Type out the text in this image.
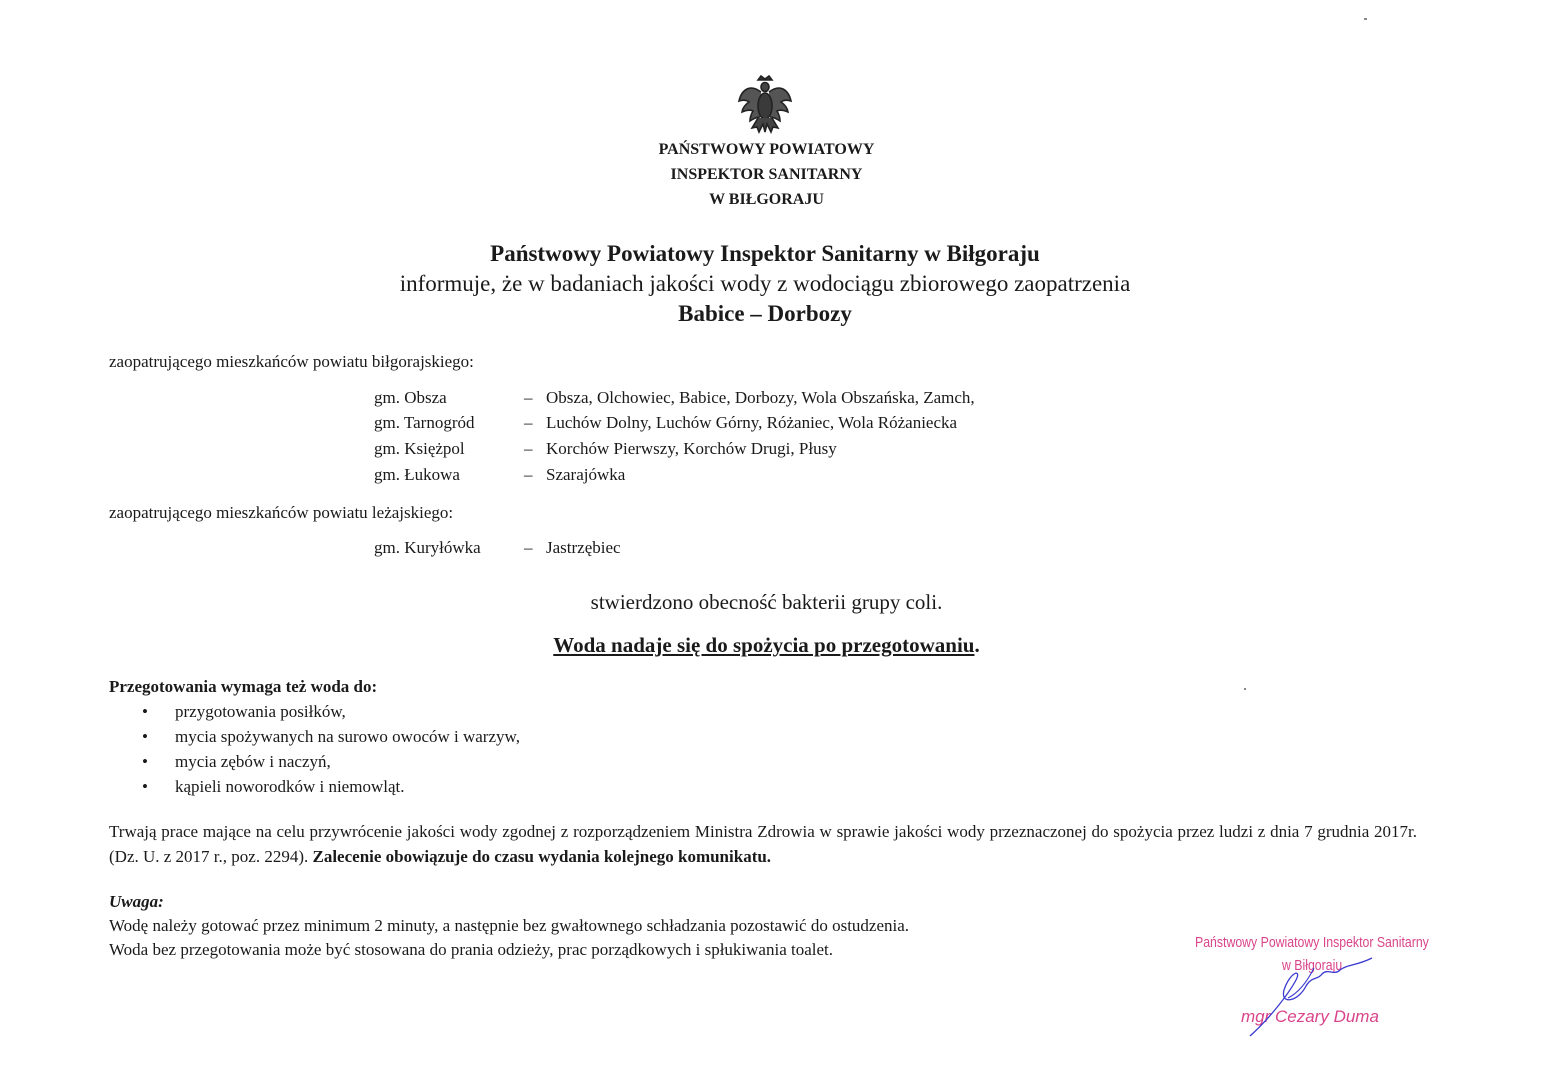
PAŃSTWOWY POWIATOWY
INSPEKTOR SANITARNY
W BIŁGORAJU
Państwowy Powiatowy Inspektor Sanitarny w Biłgoraju
informuje, że w badaniach jakości wody z wodociągu zbiorowego zaopatrzenia
Babice – Dorbozy
zaopatrującego mieszkańców powiatu biłgorajskiego:
gm. Obsza	– Obsza, Olchowiec, Babice, Dorbozy, Wola Obszańska, Zamch,
gm. Tarnogród	– Luchów Dolny, Luchów Górny, Różaniec, Wola Różaniecka
gm. Księżpol	– Korchów Pierwszy, Korchów Drugi, Płusy
gm. Łukowa	– Szarajówka
zaopatrującego mieszkańców powiatu leżajskiego:
gm. Kuryłówka	– Jastrzębiec
stwierdzono obecność bakterii grupy coli.
Woda nadaje się do spożycia po przegotowaniu.
Przegotowania wymaga też woda do:
• przygotowania posiłków,
• mycia spożywanych na surowo owoców i warzyw,
• mycia zębów i naczyń,
• kąpieli noworodków i niemowląt.
Trwają prace mające na celu przywrócenie jakości wody zgodnej z rozporządzeniem Ministra Zdrowia w sprawie jakości wody przeznaczonej do spożycia przez ludzi z dnia 7 grudnia 2017r. (Dz. U. z 2017 r., poz. 2294). Zalecenie obowiązuje do czasu wydania kolejnego komunikatu.
Uwaga:
Wodę należy gotować przez minimum 2 minuty, a następnie bez gwałtownego schładzania pozostawić do ostudzenia.
Woda bez przegotowania może być stosowana do prania odzieży, prac porządkowych i spłukiwania toalet.	Państwowy Powiatowy Inspektor Sanitarny
w Biłgoraju
mgr Cezary Duma
